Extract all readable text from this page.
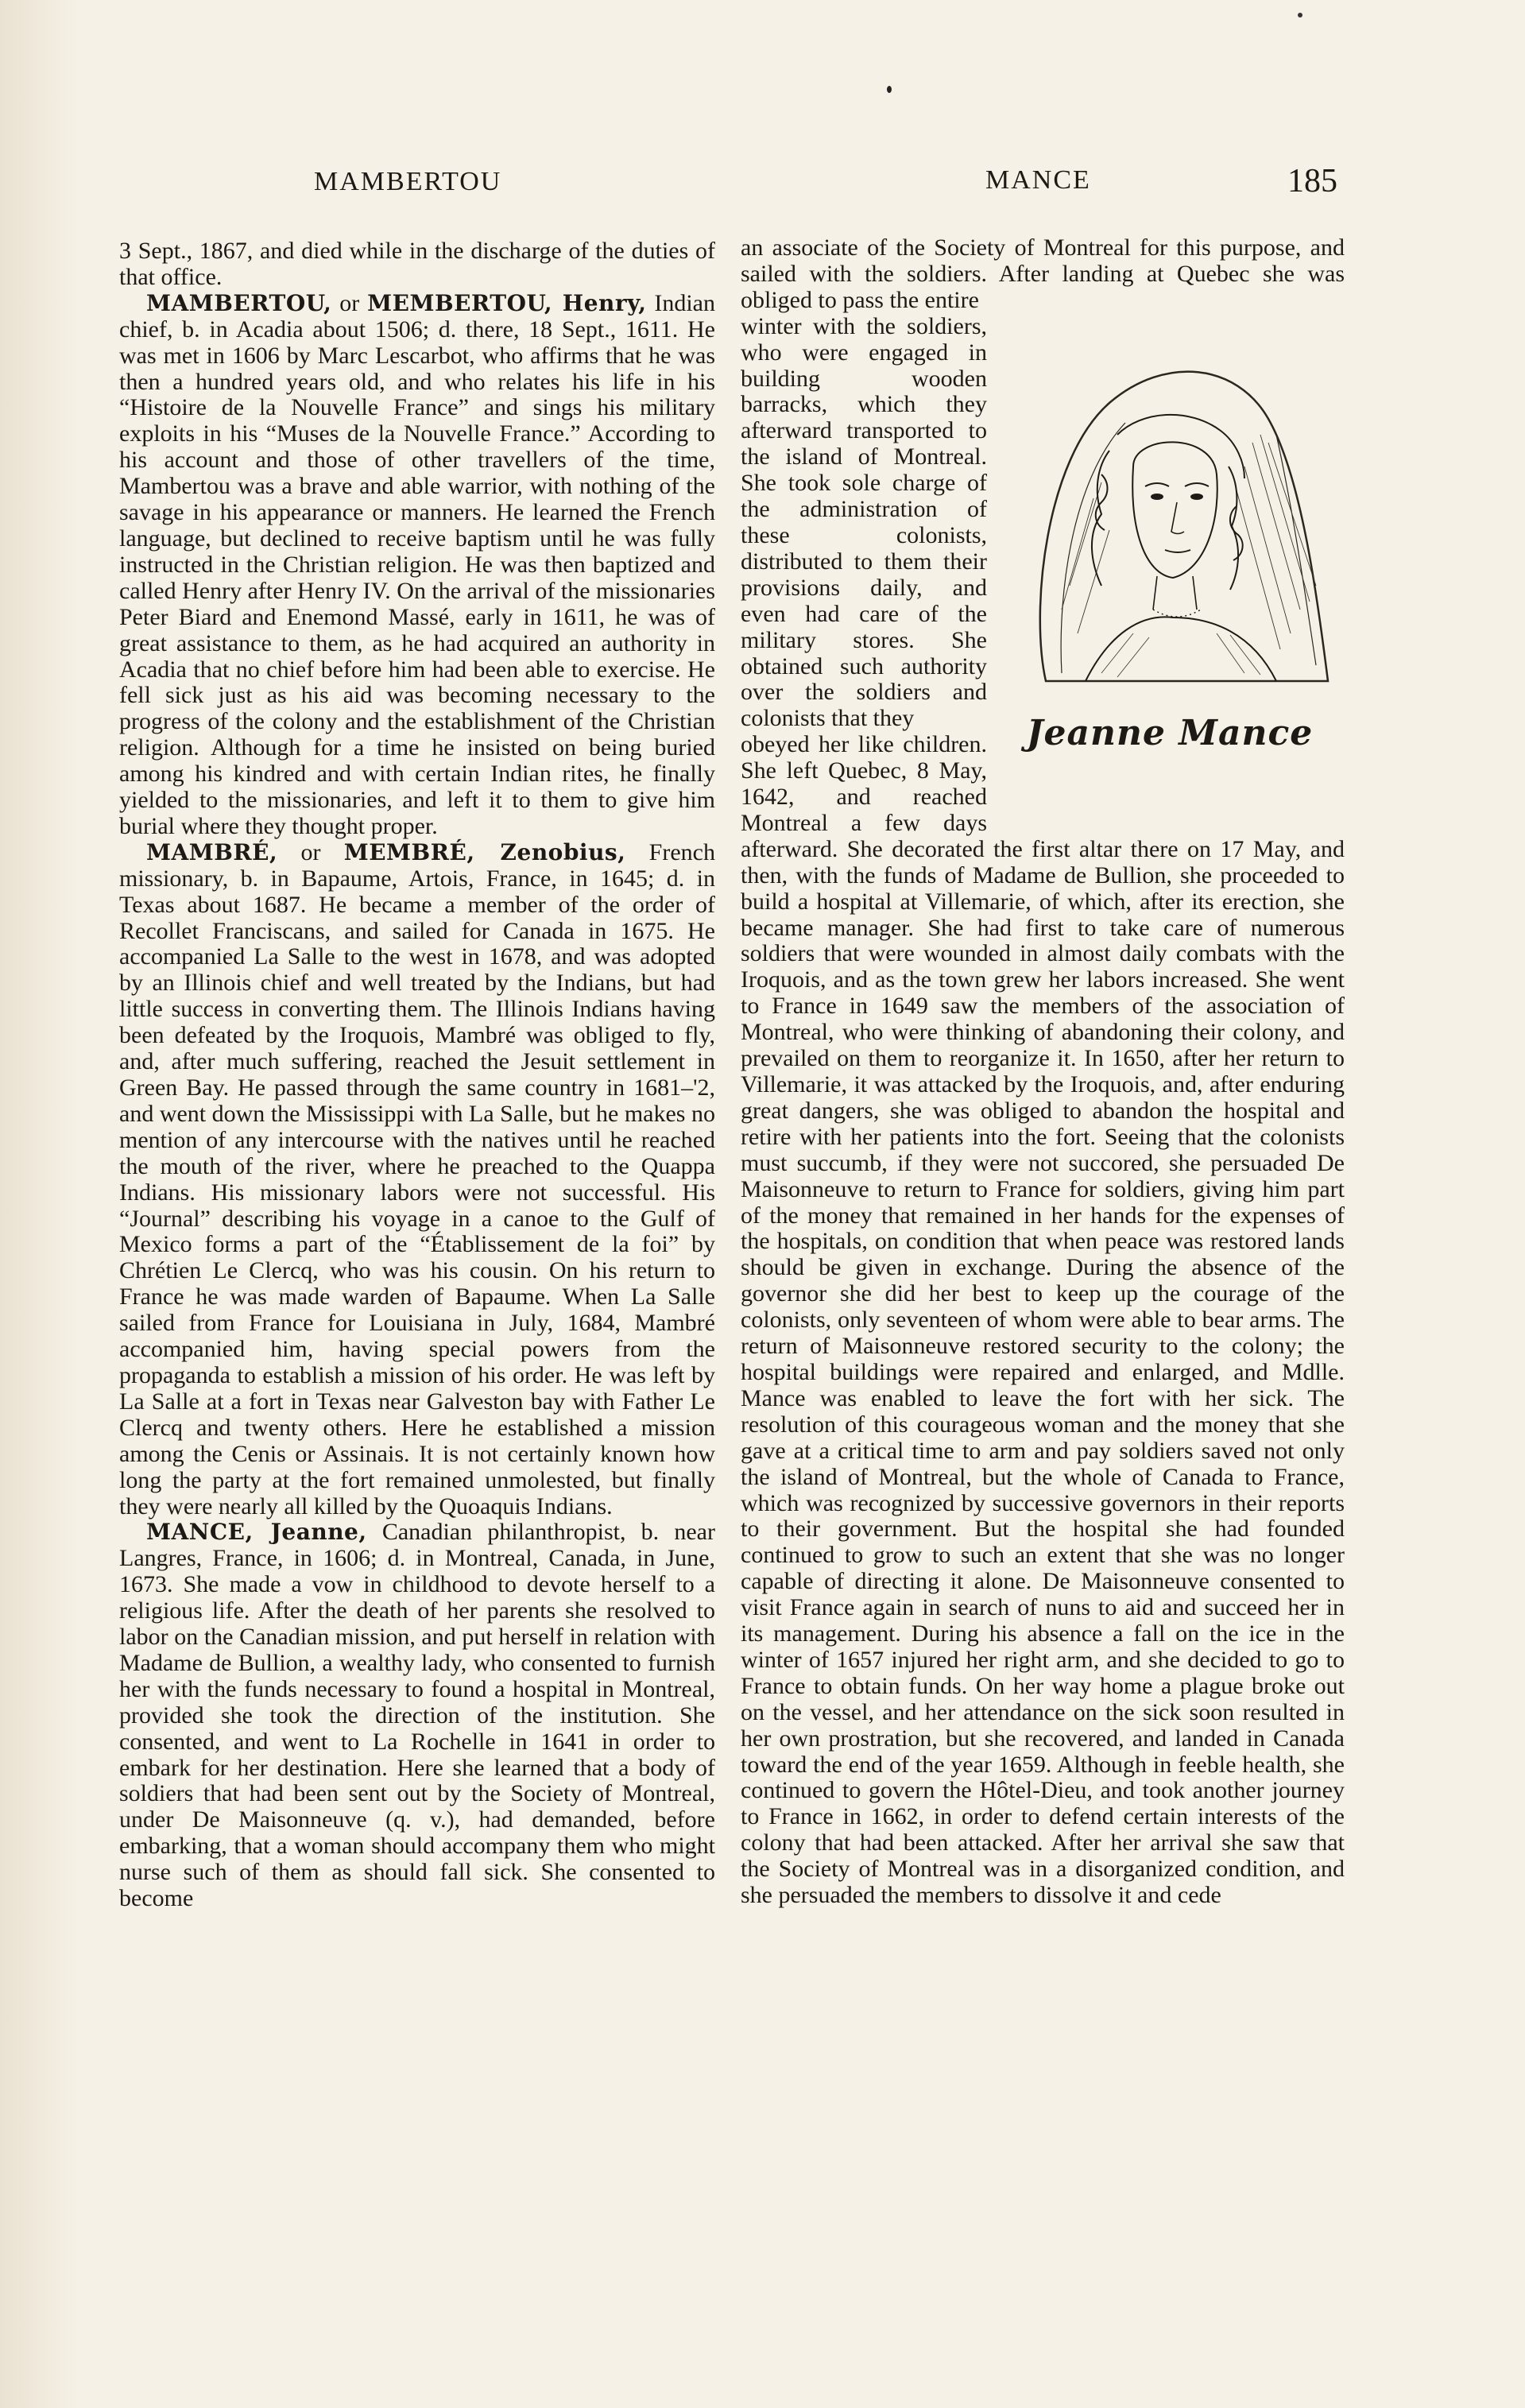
MAMBERTOU	MANCE	185

3 Sept., 1867, and died while in the discharge of the duties of that office.

MAMBERTOU, or MEMBERTOU, Henry, Indian chief, b. in Acadia about 1506; d. there, 18 Sept., 1611. He was met in 1606 by Marc Lescarbot, who affirms that he was then a hundred years old, and who relates his life in his “Histoire de la Nouvelle France” and sings his military exploits in his “Muses de la Nouvelle France.” According to his account and those of other travellers of the time, Mambertou was a brave and able warrior, with nothing of the savage in his appearance or manners. He learned the French language, but declined to receive baptism until he was fully instructed in the Christian religion. He was then baptized and called Henry after Henry IV. On the arrival of the missionaries Peter Biard and Enemond Massé, early in 1611, he was of great assistance to them, as he had acquired an authority in Acadia that no chief before him had been able to exercise. He fell sick just as his aid was becoming necessary to the progress of the colony and the establishment of the Christian religion. Although for a time he insisted on being buried among his kindred and with certain Indian rites, he finally yielded to the missionaries, and left it to them to give him burial where they thought proper.

MAMBRÉ, or MEMBRÉ, Zenobius, French missionary, b. in Bapaume, Artois, France, in 1645; d. in Texas about 1687. He became a member of the order of Recollet Franciscans, and sailed for Canada in 1675. He accompanied La Salle to the west in 1678, and was adopted by an Illinois chief and well treated by the Indians, but had little success in converting them. The Illinois Indians having been defeated by the Iroquois, Mambré was obliged to fly, and, after much suffering, reached the Jesuit settlement in Green Bay. He passed through the same country in 1681–'2, and went down the Mississippi with La Salle, but he makes no mention of any intercourse with the natives until he reached the mouth of the river, where he preached to the Quappa Indians. His missionary labors were not successful. His “Journal” describing his voyage in a canoe to the Gulf of Mexico forms a part of the “Établissement de la foi” by Chrétien Le Clercq, who was his cousin. On his return to France he was made warden of Bapaume. When La Salle sailed from France for Louisiana in July, 1684, Mambré accompanied him, having special powers from the propaganda to establish a mission of his order. He was left by La Salle at a fort in Texas near Galveston bay with Father Le Clercq and twenty others. Here he established a mission among the Cenis or Assinais. It is not certainly known how long the party at the fort remained unmolested, but finally they were nearly all killed by the Quoaquis Indians.

MANCE, Jeanne, Canadian philanthropist, b. near Langres, France, in 1606; d. in Montreal, Canada, in June, 1673. She made a vow in childhood to devote herself to a religious life. After the death of her parents she resolved to labor on the Canadian mission, and put herself in relation with Madame de Bullion, a wealthy lady, who consented to furnish her with the funds necessary to found a hospital in Montreal, provided she took the direction of the institution. She consented, and went to La Rochelle in 1641 in order to embark for her destination. Here she learned that a body of soldiers that had been sent out by the Society of Montreal, under De Maisonneuve (q. v.), had demanded, before embarking, that a woman should accompany them who might nurse such of them as should fall sick. She consented to become

an associate of the Society of Montreal for this purpose, and sailed with the soldiers. After landing at Quebec she was obliged to pass the entire

Jeanne Mance

winter with the soldiers, who were engaged in building wooden barracks, which they afterward transported to the island of Montreal. She took sole charge of the administration of these colonists, distributed to them their provisions daily, and even had care of the military stores. She obtained such authority over the soldiers and colonists that they

obeyed her like children. She left Quebec, 8 May, 1642, and reached Montreal a few days afterward. She decorated the first altar there on 17 May, and then, with the funds of Madame de Bullion, she proceeded to build a hospital at Villemarie, of which, after its erection, she became manager. She had first to take care of numerous soldiers that were wounded in almost daily combats with the Iroquois, and as the town grew her labors increased. She went to France in 1649 saw the members of the association of Montreal, who were thinking of abandoning their colony, and prevailed on them to reorganize it. In 1650, after her return to Villemarie, it was attacked by the Iroquois, and, after enduring great dangers, she was obliged to abandon the hospital and retire with her patients into the fort. Seeing that the colonists must succumb, if they were not succored, she persuaded De Maisonneuve to return to France for soldiers, giving him part of the money that remained in her hands for the expenses of the hospitals, on condition that when peace was restored lands should be given in exchange. During the absence of the governor she did her best to keep up the courage of the colonists, only seventeen of whom were able to bear arms. The return of Maisonneuve restored security to the colony; the hospital buildings were repaired and enlarged, and Mdlle. Mance was enabled to leave the fort with her sick. The resolution of this courageous woman and the money that she gave at a critical time to arm and pay soldiers saved not only the island of Montreal, but the whole of Canada to France, which was recognized by successive governors in their reports to their government. But the hospital she had founded continued to grow to such an extent that she was no longer capable of directing it alone. De Maisonneuve consented to visit France again in search of nuns to aid and succeed her in its management. During his absence a fall on the ice in the winter of 1657 injured her right arm, and she decided to go to France to obtain funds. On her way home a plague broke out on the vessel, and her attendance on the sick soon resulted in her own prostration, but she recovered, and landed in Canada toward the end of the year 1659. Although in feeble health, she continued to govern the Hôtel-Dieu, and took another journey to France in 1662, in order to defend certain interests of the colony that had been attacked. After her arrival she saw that the Society of Montreal was in a disorganized condition, and she persuaded the members to dissolve it and cede
